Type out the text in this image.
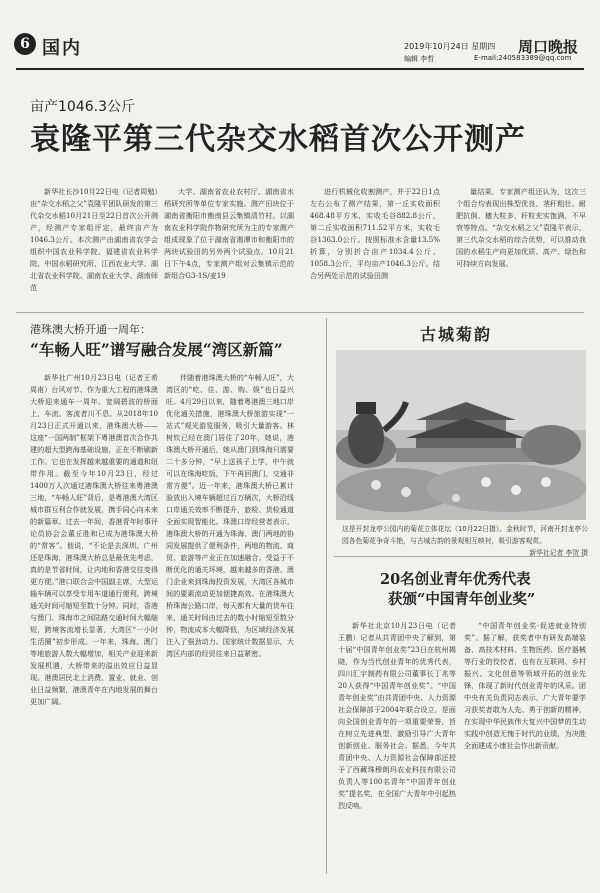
6 国内	2019年10月24日 星期四 周口晚报
编辑 李哲	E-mail:240583389@qq.com
亩产1046.3公斤
袁隆平第三代杂交水稻首次公开测产

新华社长沙10月22日电（记者周勉）由“杂交水稻之父”袁隆平团队研发的第三代杂交水稻10月21日至22日首次公开测产，经测产专家组评定，最终亩产为1046.3公斤。本次测产由湖南省农学会组织中国农业科学院、福建省农业科学院、中国水稻研究所、江西农业大学、湖北省农业科学院、湖南农业大学、湖南师范

大学、湖南省农业农村厅、湖南省水稻研究所等单位专家实施。测产田块位于湖南省衡阳市衡南县云集镇清竹村。以湖南农业科学院作物研究所为主的专家测产组成现象了位于湖南省湘潭市和衡阳市的两块试验田的另外两个试验点。10月21日下午4点，专家测产组对云集镇示范的新组合G3-1S/麦19

进行机械化收割测产，并于22日1点左右公布了测产结果，第一丘实收面积468.48平方米，实收毛谷882.8公斤，第二丘实收面积711.52平方米，实收毛谷1363.0公斤。按照标准水含量13.5%折算，分别折合亩产1034.4公斤、1058.3公斤，平均亩产1046.3公斤。结合另两处示范的试验田测

量结果，专家测产组还认为，这次三个组合均表现出株型优良、茎秆粗壮、耐肥抗倒、穗大粒多、秆粒充实饱满，不早衰等特点。“杂交水稻之父”袁隆平表示，第三代杂交水稻的综合优势，可以推动我国的水稻生产向更加优质、高产、绿色和可持续方向发展。

港珠澳大桥开通一周年：
“车畅人旺”谱写融合发展“湾区新篇”

新华社广州10月23日电（记者王希 周甫）台风对节、作为重大工程的港珠澳大桥迎来通车一周年。宽阔碧波的桥面上，车流、客流者川不息。从2018年10月23日正式开通以来，港珠澳大桥——这座“一国两制”框架下粤港澳首次合作共建的超大型跨海基础设施，正在不断刷新工作。它也在发挥越来越重要的通道和纽带作用。截至今年10月23日，经过1400万人次通过港珠澳大桥往来粤港澳三地，“车畅人旺”背后，是粤港澳大湾区城市群互利合作就发展，携手同心向未来的新篇章。过去一年间，香港青年时事评论员协会会董丘胜和已成为港珠澳大桥的“常客”。他说，“不论是去深圳、广州还是珠海，港珠澳大桥总是最优先考虑，真的是节省时间，让内地和香港交往变得更方便。”港口联合会中国副主席，大型运输车辆可以享受专用车道通行便利，跨境通关时间可缩短至数十分钟。同时，香港与澳门、珠海市之间陆路交通时间大幅缩短，跨境客流增长显著，大湾区“一小时生活圈”初步形成。一年来，珠海、澳门等地旅游人数大幅增加，相关产业迎来新发展机遇，大桥带来的溢出效应日益显现。港澳居民北上消费、置业、就业、创业日益频繁，港澳青年在内地发展的舞台更加广阔。

伴随着港珠澳大桥的“车畅人旺”，大湾区的“吃、住、游、购、娱”也日益兴旺。4月29日以来，随着粤港澳三地口岸优化通关措施，港珠澳大桥旅游实现“一站式”观光游览服务，吸引大量游客。林树钦已经在澳门居住了20年，她说，港珠澳大桥开通后，她从澳门到珠海只需要二十多分钟，“早上送孩子上学，中午就可以在珠海吃饭，下午再回澳门，交通非常方便”。近一年来，港珠澳大桥已累计验放出入境车辆超过百万辆次，大桥沿线口岸通关效率不断提升，旅检、货检通道全面实现智能化。珠澳口岸经营者表示，港珠澳大桥的开通为珠海、澳门两地的协同发展提供了便利条件，两地的物流、商贸、旅游等产业正在加速融合。受益于不断优化的通关环境，越来越多的香港、澳门企业来到珠海投资发展，大湾区各城市间的要素流动更加便捷高效。在港珠澳大桥珠海公路口岸，每天都有大量的货车往来，通关时间由过去的数小时缩短至数分钟，物流成本大幅降低，为区域经济发展注入了强劲动力。国家统计数据显示，大湾区内部的经贸往来日益紧密。

古城菊韵
这是开封龙亭公园内的菊花立体花坛（10月22日摄）。金秋时节，河南开封龙亭公园各色菊花争奇斗艳，与古城古韵的景观相互映衬，吸引游客观赏。
新华社记者 李贺 摄
20名创业青年优秀代表
获颁“中国青年创业奖”

新华社北京10月23日电（记者 王鹏）记者从共青团中央了解到，第十届“中国青年创业奖”23日在杭州揭晓，作为当代创业青年的优秀代表，四川汇宇制药有限公司董事长丁兆等20人获得“中国青年创业奖”。“中国青年创业奖”由共青团中央、人力资源社会保障部于2004年联合设立，是面向全国创业青年的一项重要荣誉，旨在树立先进典型，激励引导广大青年创新创业、服务社会。据悉，今年共青团中央、人力资源社会保障部还授予了西藏珠穆朗玛农业科技有限公司负责人等100名青年“中国青年创业奖”提名奖，在全国广大青年中引起热烈反响。

“中国青年创业奖·促进就业特别奖”。据了解，获奖者中有研发高端装备、高技术材料、生物医药、医疗器械等行业的佼佼者，也有在互联网、乡村振兴、文化创意等领域开拓的创业先锋，体现了新时代创业青年的风采。团中央有关负责同志表示，广大青年要学习获奖者敢为人先、勇于创新的精神，在实现中华民族伟大复兴中国梦的生动实践中创造无愧于时代的业绩，为决胜全面建成小康社会作出新贡献。
